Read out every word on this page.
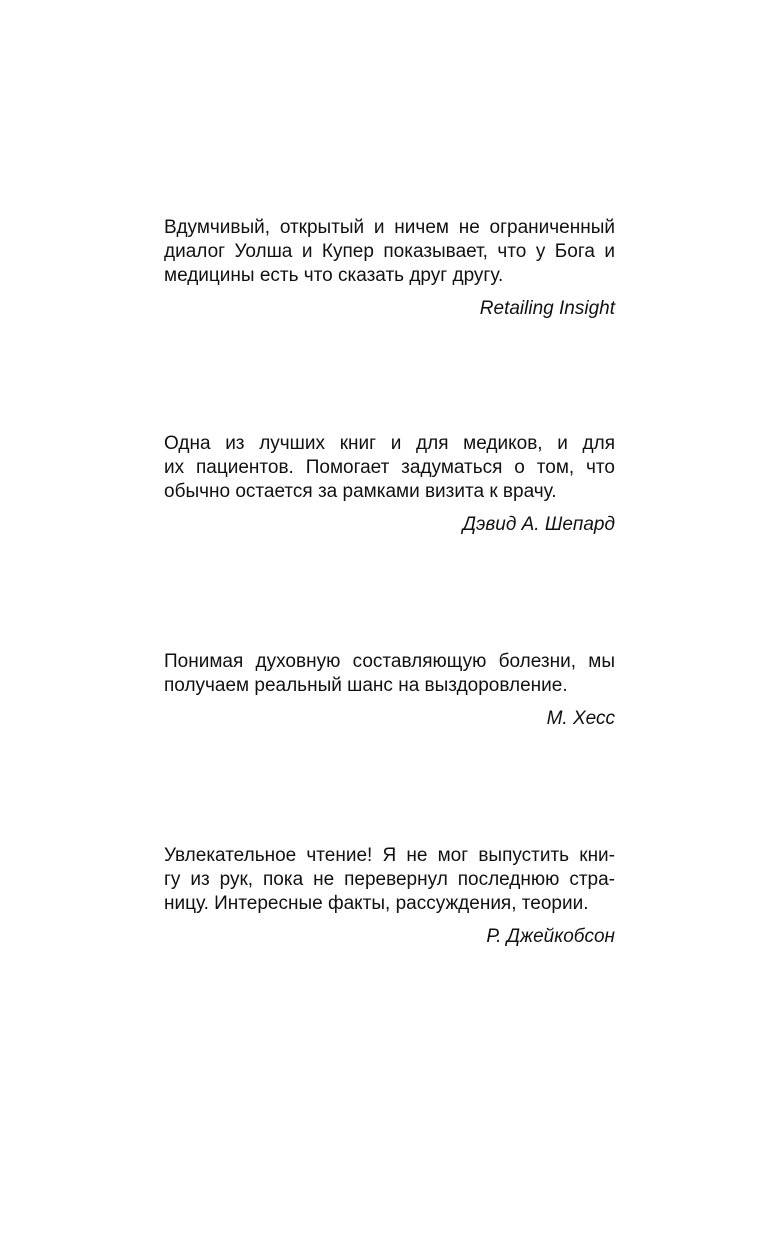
Вдумчивый, открытый и ничем не ограниченный
диалог Уолша и Купер показывает, что у Бога и
медицины есть что сказать друг другу.

Retailing Insight

Одна из лучших книг и для медиков, и для
их пациентов. Помогает задуматься о том, что
обычно остается за рамками визита к врачу.

Дэвид А. Шепард

Понимая духовную составляющую болезни, мы
получаем реальный шанс на выздоровление.

М. Хесс

Увлекательное чтение! Я не мог выпустить кни-
гу из рук, пока не перевернул последнюю стра-
ницу. Интересные факты, рассуждения, теории.

Р. Джейкобсон
